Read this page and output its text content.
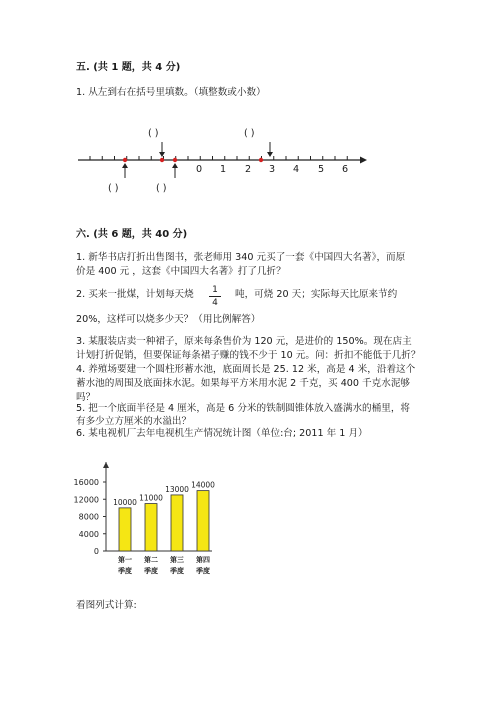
五. (共 1 题，共 4 分)
1. 从左到右在括号里填数。（填整数或小数）
( )	( )
( )	( )
0 1 2 3 4 5 6
六. (共 6 题，共 40 分)
1. 新华书店打折出售图书，张老师用 340 元买了一套《中国四大名著》，而原
价是 400 元 ，这套《中国四大名著》打了几折？
2. 买来一批煤，计划每天烧	1
4
吨，可烧 20 天；实际每天比原来节约
20%，这样可以烧多少天？（用比例解答）
3. 某服装店卖一种裙子，原来每条售价为 120 元，是进价的 150%。现在店主
计划打折促销，但要保证每条裙子赚的钱不少于 10 元。问：折扣不能低于几折？
4. 养殖场要建一个圆柱形蓄水池，底面周长是 25. 12 米，高是 4 米，沿着这个
蓄水池的周围及底面抹水泥。如果每平方米用水泥 2 千克，买 400 千克水泥够
吗？
5. 把一个底面半径是 4 厘米，高是 6 分米的铁制圆锥体放入盛满水的桶里，将
有多少立方厘米的水溢出？
6. 某电视机厂去年电视机生产情况统计图（单位:台; 2011 年 1 月）
0
4000
8000
12000
16000
10000
第一
季度
11000
第二
季度
13000
第三
季度
14000
第四
季度
看图列式计算:
